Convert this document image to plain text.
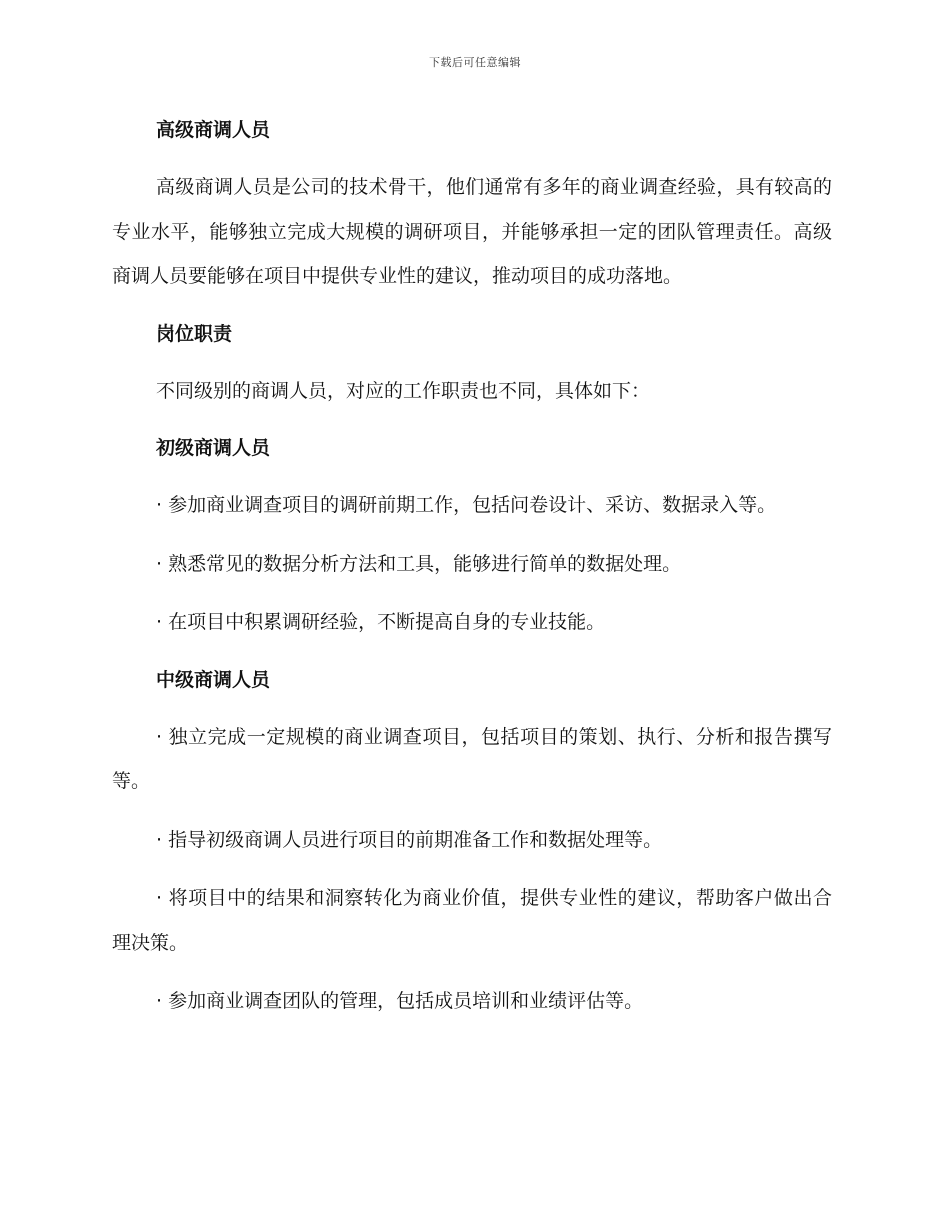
下载后可任意编辑

高级商调人员

高级商调人员是公司的技术骨干，他们通常有多年的商业调查经验，具有较高的专业水平，能够独立完成大规模的调研项目，并能够承担一定的团队管理责任。高级商调人员要能够在项目中提供专业性的建议，推动项目的成功落地。

岗位职责

不同级别的商调人员，对应的工作职责也不同，具体如下：

初级商调人员

· 参加商业调查项目的调研前期工作，包括问卷设计、采访、数据录入等。

· 熟悉常见的数据分析方法和工具，能够进行简单的数据处理。

· 在项目中积累调研经验，不断提高自身的专业技能。

中级商调人员

· 独立完成一定规模的商业调查项目，包括项目的策划、执行、分析和报告撰写等。

· 指导初级商调人员进行项目的前期准备工作和数据处理等。

· 将项目中的结果和洞察转化为商业价值，提供专业性的建议，帮助客户做出合理决策。

· 参加商业调查团队的管理，包括成员培训和业绩评估等。
